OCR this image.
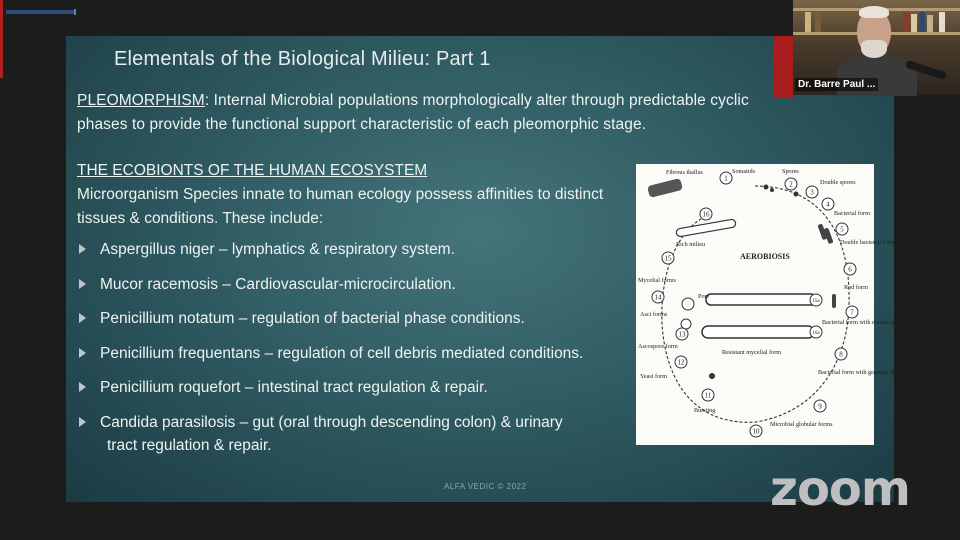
Elementals of the Biological Milieu: Part 1
PLEOMORPHISM: Internal Microbial populations morphologically alter through predictable cyclic phases to provide the functional support characteristic of each pleomorphic stage.
THE ECOBIONTS OF THE HUMAN ECOSYSTEM
Microorganism Species innate to human ecology possess affinities to distinct tissues & conditions. These include:
Aspergillus niger – lymphatics & respiratory system.
Mucor racemosis – Cardiovascular-microcirculation.
Penicillium notatum – regulation of bacterial phase conditions.
Penicillium frequentans – regulation of cell debris mediated conditions.
Penicillium roquefort – intestinal tract regulation & repair.
Candida parasilosis – gut (oral through descending colon) & urinary
tract regulation & repair.
1
2
3
4
5
6
7
8
9
10
11
12
13
14
15
16
15a
16a
Fibrous thallus	Somatids	Spores
Double spores
Bacterial form
Double bacterial form
Rod form
Bacterial form with double spores
Bacterial form with granular double spores
Microbial globular forms
Bursting
Yeast form
Ascospore form
Asci forms
Mycelial forms
Rich milieu
Resistant mycelial form
Pore
AEROBIOSIS
ALFA VEDIC © 2022
Dr. Barre Paul ...
zoom
